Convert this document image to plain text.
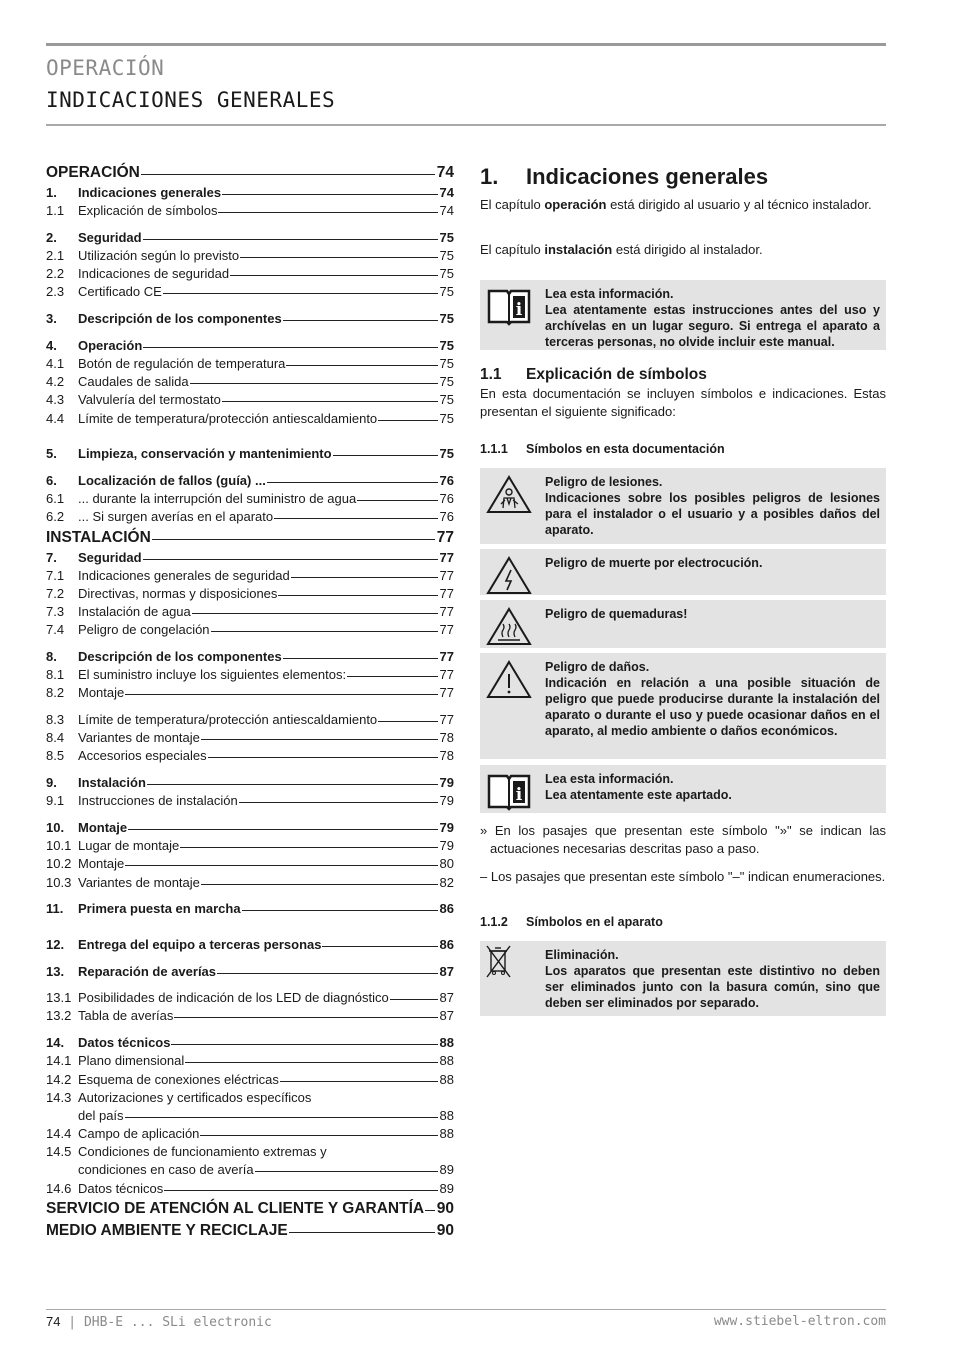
OPERACIÓN
INDICACIONES GENERALES
OPERACIÓN	74
1.	Indicaciones generales	74
1.1	Explicación de símbolos	74
2.	Seguridad	75
2.1	Utilización según lo previsto	75
2.2	Indicaciones de seguridad	75
2.3	Certificado CE	75
3.	Descripción de los componentes	75
4.	Operación	75
4.1	Botón de regulación de temperatura	75
4.2	Caudales de salida	75
4.3	Valvulería del termostato	75
4.4	Límite de temperatura/protección antiescaldamiento	75
5.	Limpieza, conservación y mantenimiento	75
6.	Localización de fallos (guía) ...	76
6.1	... durante la interrupción del suministro de agua	76
6.2	... Si surgen averías en el aparato	76
INSTALACIÓN	77
7.	Seguridad	77
7.1	Indicaciones generales de seguridad	77
7.2	Directivas, normas y disposiciones	77
7.3	Instalación de agua	77
7.4	Peligro de congelación	77
8.	Descripción de los componentes	77
8.1	El suministro incluye los siguientes elementos:	77
8.2	Montaje	77
8.3	Límite de temperatura/protección antiescaldamiento	77
8.4	Variantes de montaje	78
8.5	Accesorios especiales	78
9.	Instalación	79
9.1	Instrucciones de instalación	79
10.	Montaje	79
10.1 Lugar de montaje	79
10.2 Montaje	80
10.3 Variantes de montaje	82
11.	Primera puesta en marcha	86
12.	Entrega del equipo a terceras personas	86
13.	Reparación de averías	87
13.1 Posibilidades de indicación de los LED de diagnóstico	87
13.2 Tabla de averías	87
14.	Datos técnicos	88
14.1 Plano dimensional	88
14.2 Esquema de conexiones eléctricas	88
14.3 Autorizaciones y certificados específicos
del país	88
14.4 Campo de aplicación	88
14.5 Condiciones de funcionamiento extremas y
condiciones en caso de avería	89
14.6 Datos técnicos	89
SERVICIO DE ATENCIÓN AL CLIENTE Y GARANTÍA 90
MEDIO AMBIENTE Y RECICLAJE	90
1. Indicaciones generales
El capítulo operación está dirigido al usuario y al técnico instalador.
El capítulo instalación está dirigido al instalador.
i
Lea esta información.
Lea atentamente estas instrucciones antes del uso y archívelas en un lugar seguro. Si entrega el aparato a terceras personas, no olvide incluir este manual.
1.1 Explicación de símbolos
En esta documentación se incluyen símbolos e indicaciones. Estas presentan el siguiente significado:
1.1.1 Símbolos en esta documentación
Peligro de lesiones.
Indicaciones sobre los posibles peligros de lesiones para el instalador o el usuario y a posibles daños del aparato.
Peligro de muerte por electrocución.
Peligro de quemaduras!
Peligro de daños.
Indicación en relación a una posible situación de peligro que puede producirse durante la instalación del aparato o durante el uso y puede ocasionar daños en el aparato, al medio ambiente o daños económicos.
i
Lea esta información.
Lea atentamente este apartado.
» En los pasajes que presentan este símbolo "»" se indican las actuaciones necesarias descritas paso a paso.
– Los pasajes que presentan este símbolo "–" indican enumeraciones.
1.1.2 Símbolos en el aparato
Eliminación.
Los aparatos que presentan este distintivo no deben ser eliminados junto con la basura común, sino que deben ser eliminados por separado.
74 | DHB-E ... SLi electronic	www.stiebel-eltron.com
